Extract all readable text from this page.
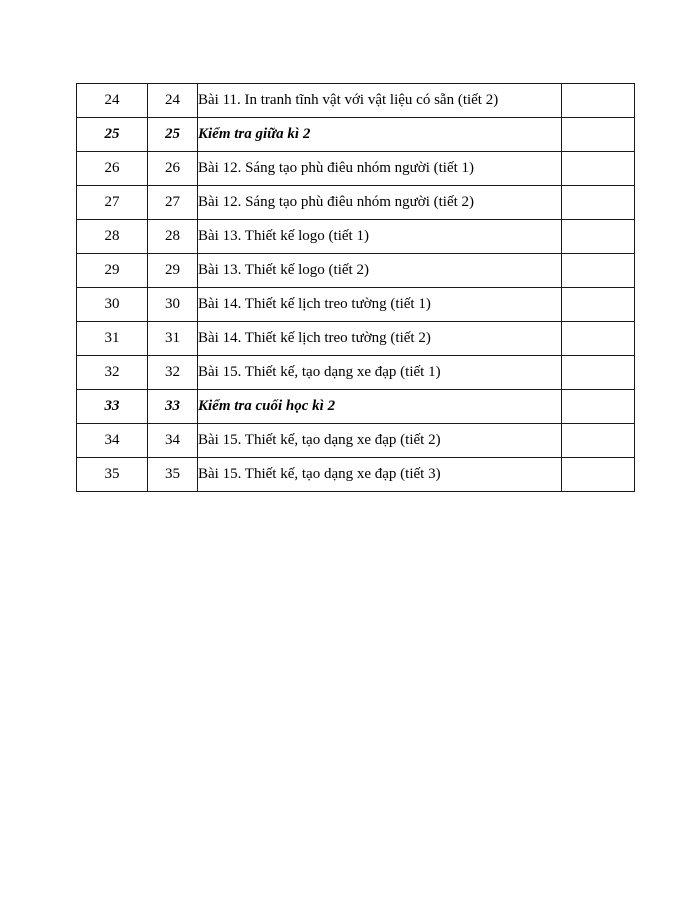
24	24	Bài 11. In tranh tĩnh vật với vật liệu có sẵn (tiết 2)	
25	25	Kiểm tra giữa kì 2	
26	26	Bài 12. Sáng tạo phù điêu nhóm người (tiết 1)	
27	27	Bài 12. Sáng tạo phù điêu nhóm người (tiết 2)	
28	28	Bài 13. Thiết kế logo (tiết 1)	
29	29	Bài 13. Thiết kế logo (tiết 2)	
30	30	Bài 14. Thiết kế lịch treo tường (tiết 1)	
31	31	Bài 14. Thiết kế lịch treo tường (tiết 2)	
32	32	Bài 15. Thiết kế, tạo dạng xe đạp (tiết 1)	
33	33	Kiểm tra cuối học kì 2	
34	34	Bài 15. Thiết kế, tạo dạng xe đạp (tiết 2)	
35	35	Bài 15. Thiết kế, tạo dạng xe đạp (tiết 3)	
